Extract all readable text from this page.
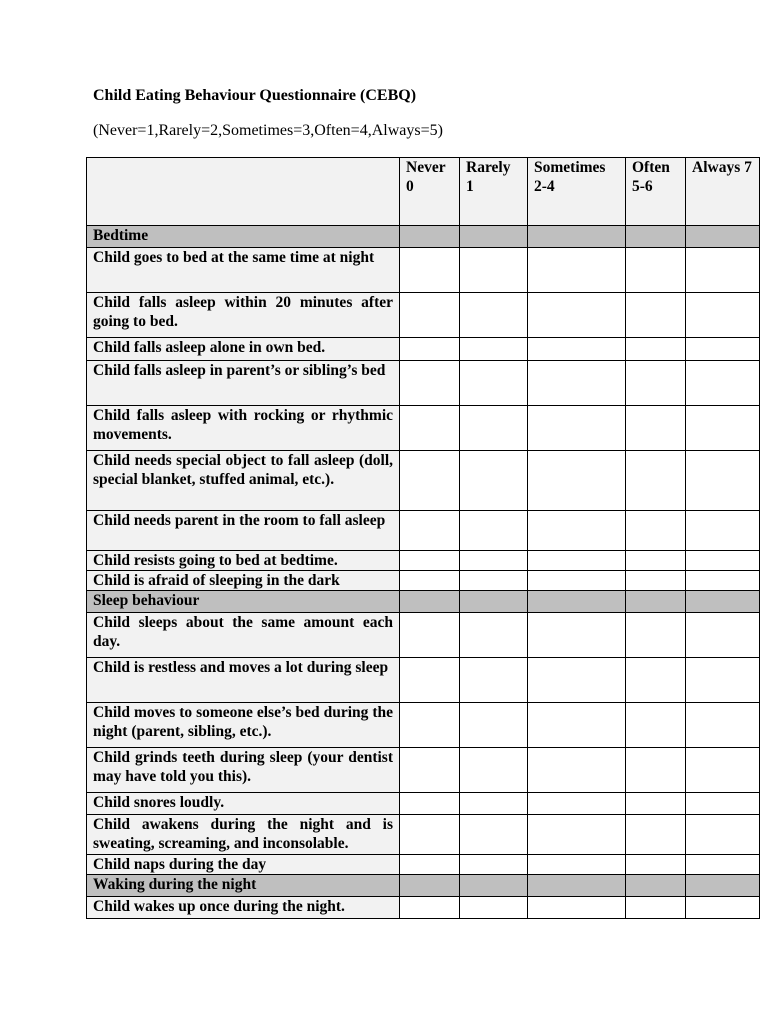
Child Eating Behaviour Questionnaire (CEBQ)
(Never=1,Rarely=2,Sometimes=3,Often=4,Always=5)
	Never 0	Rarely 1	Sometimes 2-4	Often 5-6	Always 7
Bedtime					
Child goes to bed at the same time at night					
Child falls asleep within 20 minutes after going to bed.					
Child falls asleep alone in own bed.					
Child falls asleep in parent’s or sibling’s bed					
Child falls asleep with rocking or rhythmic movements.					
Child needs special object to fall asleep (doll, special blanket, stuffed animal, etc.).					
Child needs parent in the room to fall asleep					
Child resists going to bed at bedtime.					
Child is afraid of sleeping in the dark					
Sleep behaviour					
Child sleeps about the same amount each day.					
Child is restless and moves a lot during sleep					
Child moves to someone else’s bed during the night (parent, sibling, etc.).					
Child grinds teeth during sleep (your dentist may have told you this).					
Child snores loudly.					
Child awakens during the night and is sweating, screaming, and inconsolable.					
Child naps during the day					
Waking during the night					
Child wakes up once during the night.					
